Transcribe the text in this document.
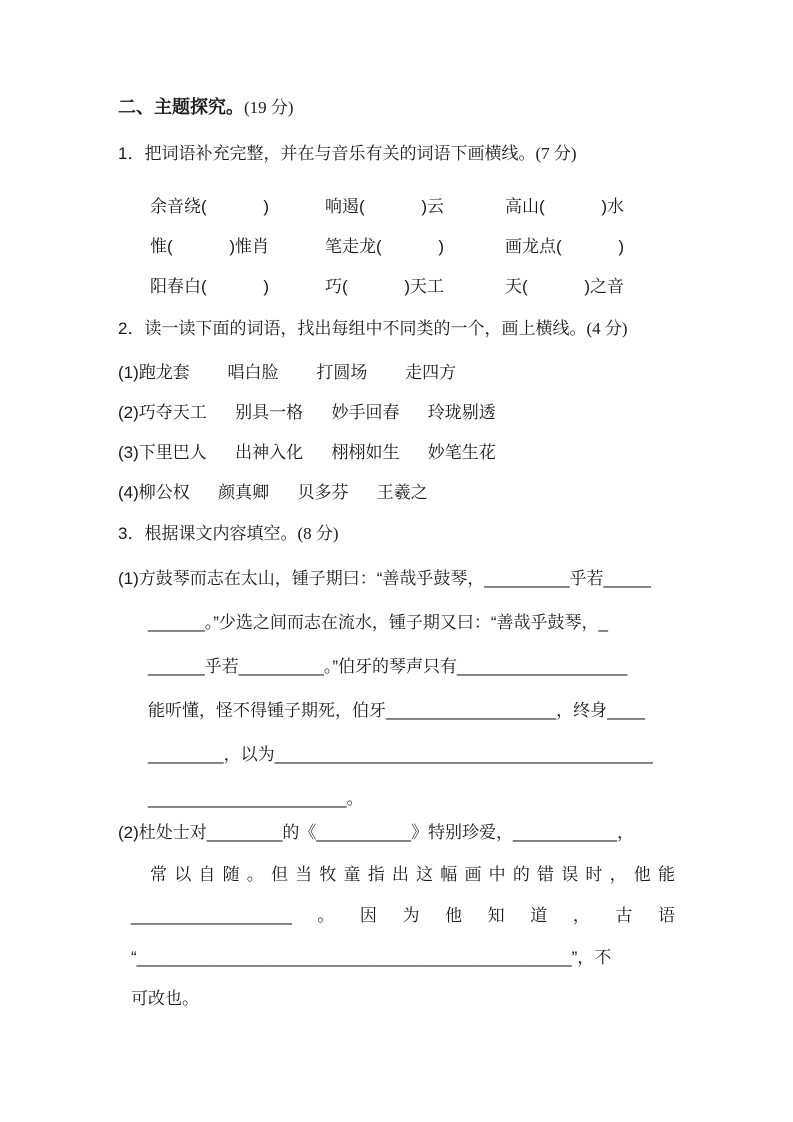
二、主题探究。(19 分)
1．把词语补充完整，并在与音乐有关的词语下画横线。(7 分)
余音绕(            )	响遏(            )云	高山(            )水
惟(            )惟肖	笔走龙(            )	画龙点(            )
阳春白(            )	巧(            )天工	天(            )之音
2．读一读下面的词语，找出每组中不同类的一个，画上横线。(4 分)
(1)跑龙套        唱白脸        打圆场        走四方
(2)巧夺天工      别具一格      妙手回春      玲珑剔透
(3)下里巴人      出神入化      栩栩如生      妙笔生花
(4)柳公权      颜真卿      贝多芬      王羲之
3．根据课文内容填空。(8 分)
(1)方鼓琴而志在太山，锺子期曰：“善哉乎鼓琴，_________乎若_____
______。”少选之间而志在流水，锺子期又曰：“善哉乎鼓琴，_
______乎若_________。”伯牙的琴声只有__________________
能听懂，怪不得锺子期死，伯牙__________________，终身____
________，以为________________________________________
_____________________。
(2)杜处士对________的《__________》特别珍爱，___________，
常以自随。但当牧童指出这幅画中的错误时，他能
_________________。因为他知道，古语
“______________________________________________”，不
可改也。
